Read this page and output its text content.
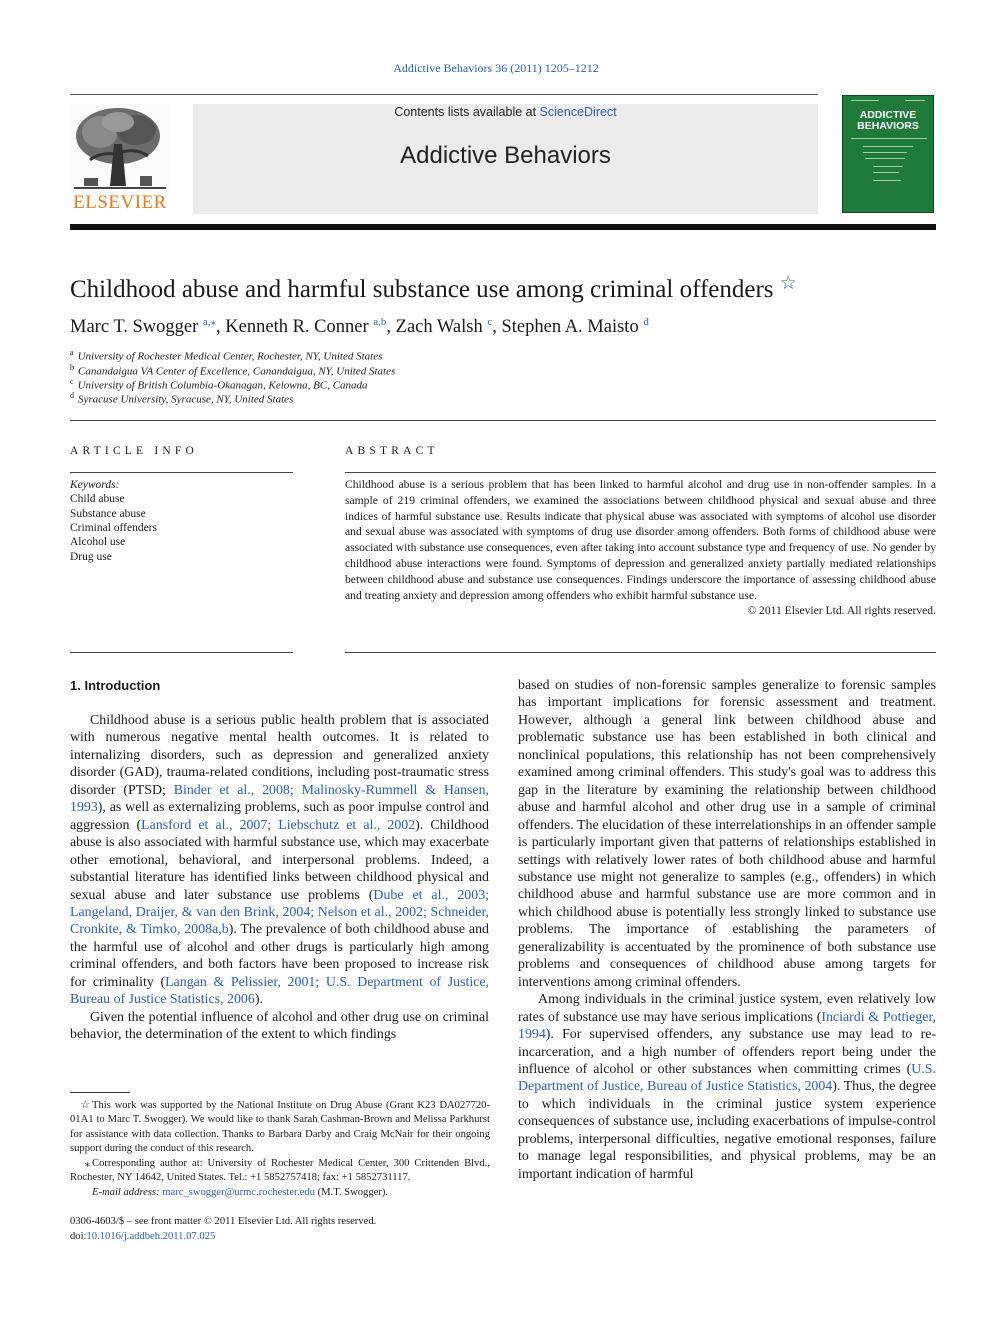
Addictive Behaviors 36 (2011) 1205–1212
ELSEVIER
Contents lists available at ScienceDirect
Addictive Behaviors
ADDICTIVE BEHAVIORS
Childhood abuse and harmful substance use among criminal offenders ☆
Marc T. Swogger $^{a,⁎}$, Kenneth R. Conner $^{a,b}$, Zach Walsh $^c$, Stephen A. Maisto $^d$
$^a$ University of Rochester Medical Center, Rochester, NY, United States
$^b$ Canandaigua VA Center of Excellence, Canandaigua, NY, United States
$^c$ University of British Columbia-Okanagan, Kelowna, BC, Canada
$^d$ Syracuse University, Syracuse, NY, United States
ARTICLE INFO
Keywords:
Child abuse
Substance abuse
Criminal offenders
Alcohol use
Drug use
ABSTRACT
Childhood abuse is a serious problem that has been linked to harmful alcohol and drug use in non-offender samples. In a sample of 219 criminal offenders, we examined the associations between childhood physical and sexual abuse and three indices of harmful substance use. Results indicate that physical abuse was associated with symptoms of alcohol use disorder and sexual abuse was associated with symptoms of drug use disorder among offenders. Both forms of childhood abuse were associated with substance use consequences, even after taking into account substance type and frequency of use. No gender by childhood abuse interactions were found. Symptoms of depression and generalized anxiety partially mediated relationships between childhood abuse and substance use consequences. Findings underscore the importance of assessing childhood abuse and treating anxiety and depression among offenders who exhibit harmful substance use.
© 2011 Elsevier Ltd. All rights reserved.
1. Introduction

Childhood abuse is a serious public health problem that is associated with numerous negative mental health outcomes. It is related to internalizing disorders, such as depression and generalized anxiety disorder (GAD), trauma-related conditions, including post-traumatic stress disorder (PTSD; Binder et al., 2008; Malinosky-Rummell & Hansen, 1993), as well as externalizing problems, such as poor impulse control and aggression (Lansford et al., 2007; Liebschutz et al., 2002). Childhood abuse is also associated with harmful substance use, which may exacerbate other emotional, behavioral, and interpersonal problems. Indeed, a substantial literature has identified links between childhood physical and sexual abuse and later substance use problems (Dube et al., 2003; Langeland, Draijer, & van den Brink, 2004; Nelson et al., 2002; Schneider, Cronkite, & Timko, 2008a,b). The prevalence of both childhood abuse and the harmful use of alcohol and other drugs is particularly high among criminal offenders, and both factors have been proposed to increase risk for criminality (Langan & Pelissier, 2001; U.S. Department of Justice, Bureau of Justice Statistics, 2006).

Given the potential influence of alcohol and other drug use on criminal behavior, the determination of the extent to which findings

based on studies of non-forensic samples generalize to forensic samples has important implications for forensic assessment and treatment. However, although a general link between childhood abuse and problematic substance use has been established in both clinical and nonclinical populations, this relationship has not been comprehensively examined among criminal offenders. This study's goal was to address this gap in the literature by examining the relationship between childhood abuse and harmful alcohol and other drug use in a sample of criminal offenders. The elucidation of these interrelationships in an offender sample is particularly important given that patterns of relationships established in settings with relatively lower rates of both childhood abuse and harmful substance use might not generalize to samples (e.g., offenders) in which childhood abuse and harmful substance use are more common and in which childhood abuse is potentially less strongly linked to substance use problems. The importance of establishing the parameters of generalizability is accentuated by the prominence of both substance use problems and consequences of childhood abuse among targets for interventions among criminal offenders.

Among individuals in the criminal justice system, even relatively low rates of substance use may have serious implications (Inciardi & Pottieger, 1994). For supervised offenders, any substance use may lead to re-incarceration, and a high number of offenders report being under the influence of alcohol or other substances when committing crimes (U.S. Department of Justice, Bureau of Justice Statistics, 2004). Thus, the degree to which individuals in the criminal justice system experience consequences of substance use, including exacerbations of impulse-control problems, interpersonal difficulties, negative emotional responses, failure to manage legal responsibilities, and physical problems, may be an important indication of harmful

☆ This work was supported by the National Institute on Drug Abuse (Grant K23 DA027720-01A1 to Marc T. Swogger). We would like to thank Sarah Cashman-Brown and Melissa Parkhurst for assistance with data collection. Thanks to Barbara Darby and Craig McNair for their ongoing support during the conduct of this research.
⁎ Corresponding author at: University of Rochester Medical Center, 300 Crittenden Blvd., Rochester, NY 14642, United States. Tel.: +1 5852757418; fax: +1 5852731117.
E-mail address: marc_swogger@urmc.rochester.edu (M.T. Swogger).
0306-4603/$ – see front matter © 2011 Elsevier Ltd. All rights reserved.
doi:10.1016/j.addbeh.2011.07.025
